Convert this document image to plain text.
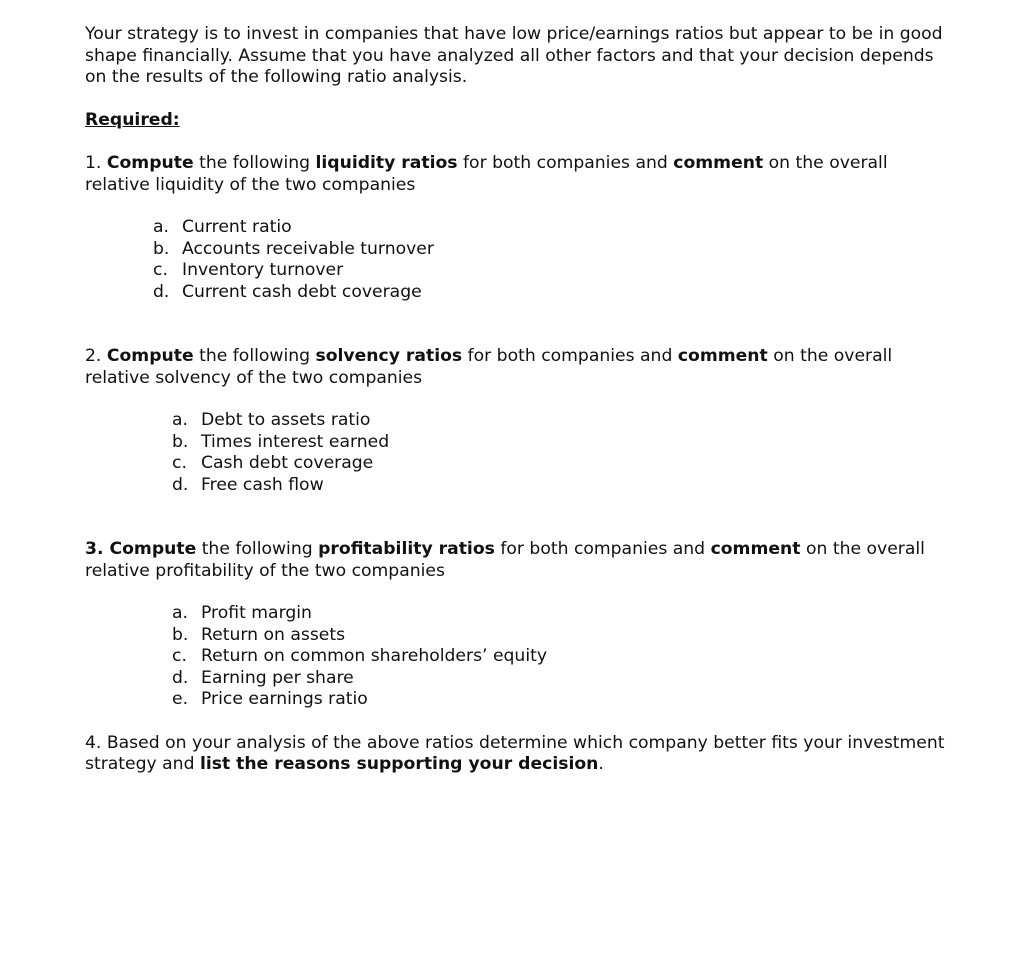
Your strategy is to invest in companies that have low price/earnings ratios but appear to be in good shape financially. Assume that you have analyzed all other factors and that your decision depends on the results of the following ratio analysis.

Required:

1. Compute the following liquidity ratios for both companies and comment on the overall relative liquidity of the two companies

a. Current ratio
b. Accounts receivable turnover
c. Inventory turnover
d. Current cash debt coverage

2. Compute the following solvency ratios for both companies and comment on the overall relative solvency of the two companies

a. Debt to assets ratio
b. Times interest earned
c. Cash debt coverage
d. Free cash flow

3. Compute the following profitability ratios for both companies and comment on the overall relative profitability of the two companies

a. Profit margin
b. Return on assets
c. Return on common shareholders’ equity
d. Earning per share
e. Price earnings ratio

4. Based on your analysis of the above ratios determine which company better fits your investment strategy and list the reasons supporting your decision.
